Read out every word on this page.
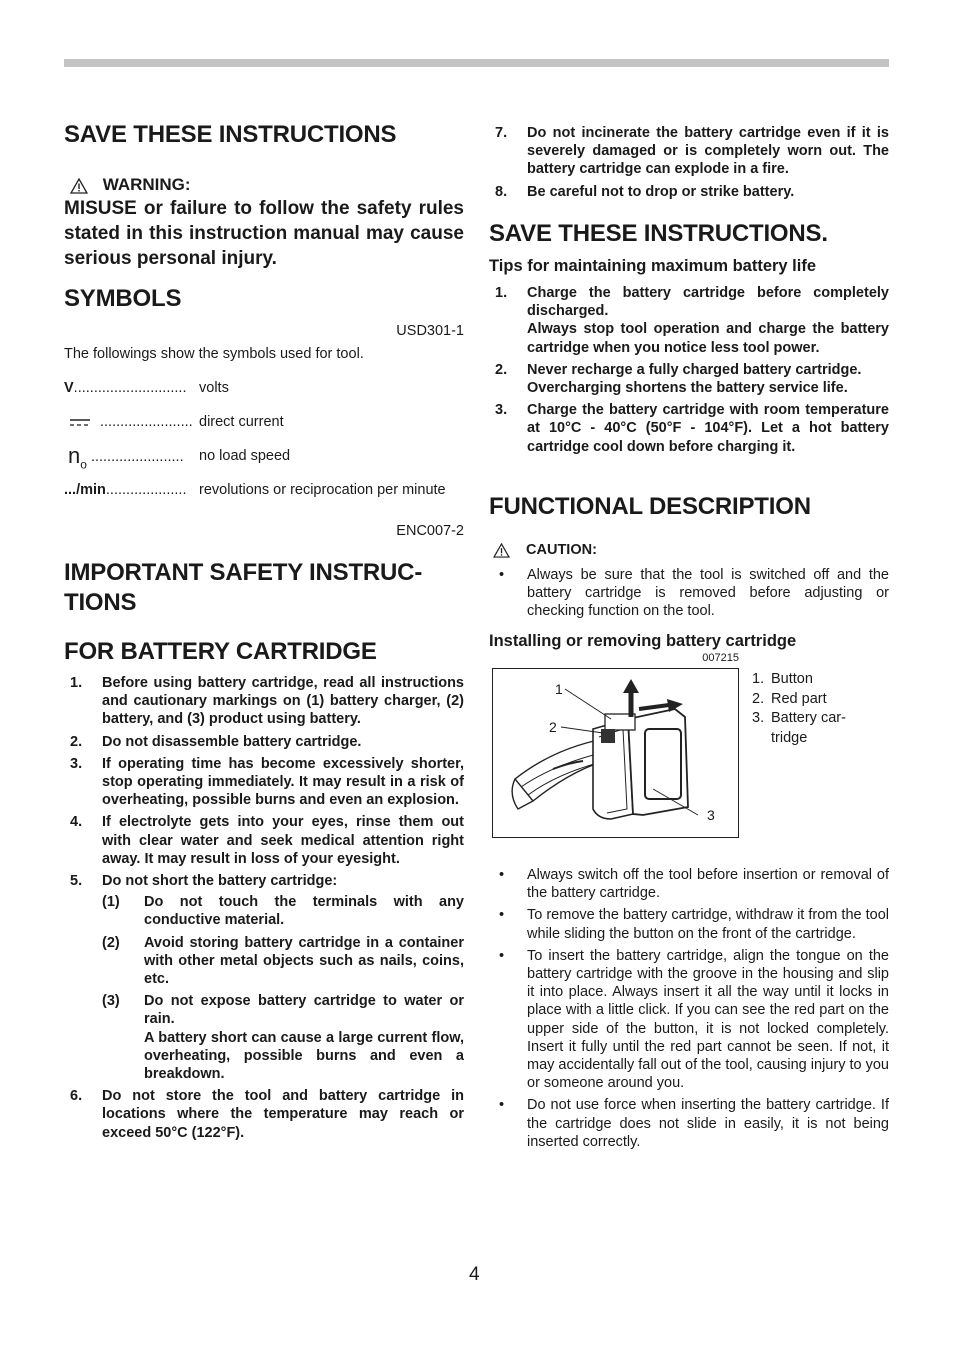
SAVE THESE INSTRUCTIONS
WARNING:

MISUSE or failure to follow the safety rules stated in this instruction manual may cause serious personal injury.

SYMBOLS

USD301-1

The followings show the symbols used for tool.

V............................ volts
....................... direct current
$n_o$ .......................	no load speed
.../min.................... revolutions or reciprocation per minute

ENC007-2

IMPORTANT SAFETY INSTRUC-
TIONS
FOR BATTERY CARTRIDGE
1. Before using battery cartridge, read all instructions and cautionary markings on (1) battery charger, (2) battery, and (3) product using battery.
2. Do not disassemble battery cartridge.
3. If operating time has become excessively shorter, stop operating immediately. It may result in a risk of overheating, possible burns and even an explosion.
4. If electrolyte gets into your eyes, rinse them out with clear water and seek medical attention right away. It may result in loss of your eyesight.
5. Do not short the battery cartridge:
(1) Do not touch the terminals with any conductive material.
(2) Avoid storing battery cartridge in a container with other metal objects such as nails, coins, etc.
(3) Do not expose battery cartridge to water or rain.
A battery short can cause a large current flow, overheating, possible burns and even a breakdown.
6. Do not store the tool and battery cartridge in locations where the temperature may reach or exceed 50°C (122°F).
7. Do not incinerate the battery cartridge even if it is severely damaged or is completely worn out. The battery cartridge can explode in a fire.
8. Be careful not to drop or strike battery.
SAVE THESE INSTRUCTIONS.
Tips for maintaining maximum battery life
1. Charge the battery cartridge before completely discharged.
Always stop tool operation and charge the battery cartridge when you notice less tool power.
2. Never recharge a fully charged battery cartridge.
Overcharging shortens the battery service life.
3. Charge the battery cartridge with room temperature at 10°C - 40°C (50°F - 104°F). Let a hot battery cartridge cool down before charging it.
FUNCTIONAL DESCRIPTION
CAUTION:
• Always be sure that the tool is switched off and the battery cartridge is removed before adjusting or checking function on the tool.
Installing or removing battery cartridge

007215

• Always switch off the tool before insertion or removal of the battery cartridge.
• To remove the battery cartridge, withdraw it from the tool while sliding the button on the front of the cartridge.
• To insert the battery cartridge, align the tongue on the battery cartridge with the groove in the housing and slip it into place. Always insert it all the way until it locks in place with a little click. If you can see the red part on the upper side of the button, it is not locked completely. Insert it fully until the red part cannot be seen. If not, it may accidentally fall out of the tool, causing injury to you or someone around you.
• Do not use force when inserting the battery cartridge. If the cartridge does not slide in easily, it is not being inserted correctly.
1
2
3
1. Button
2. Red part
3. Battery car-
tridge
4
